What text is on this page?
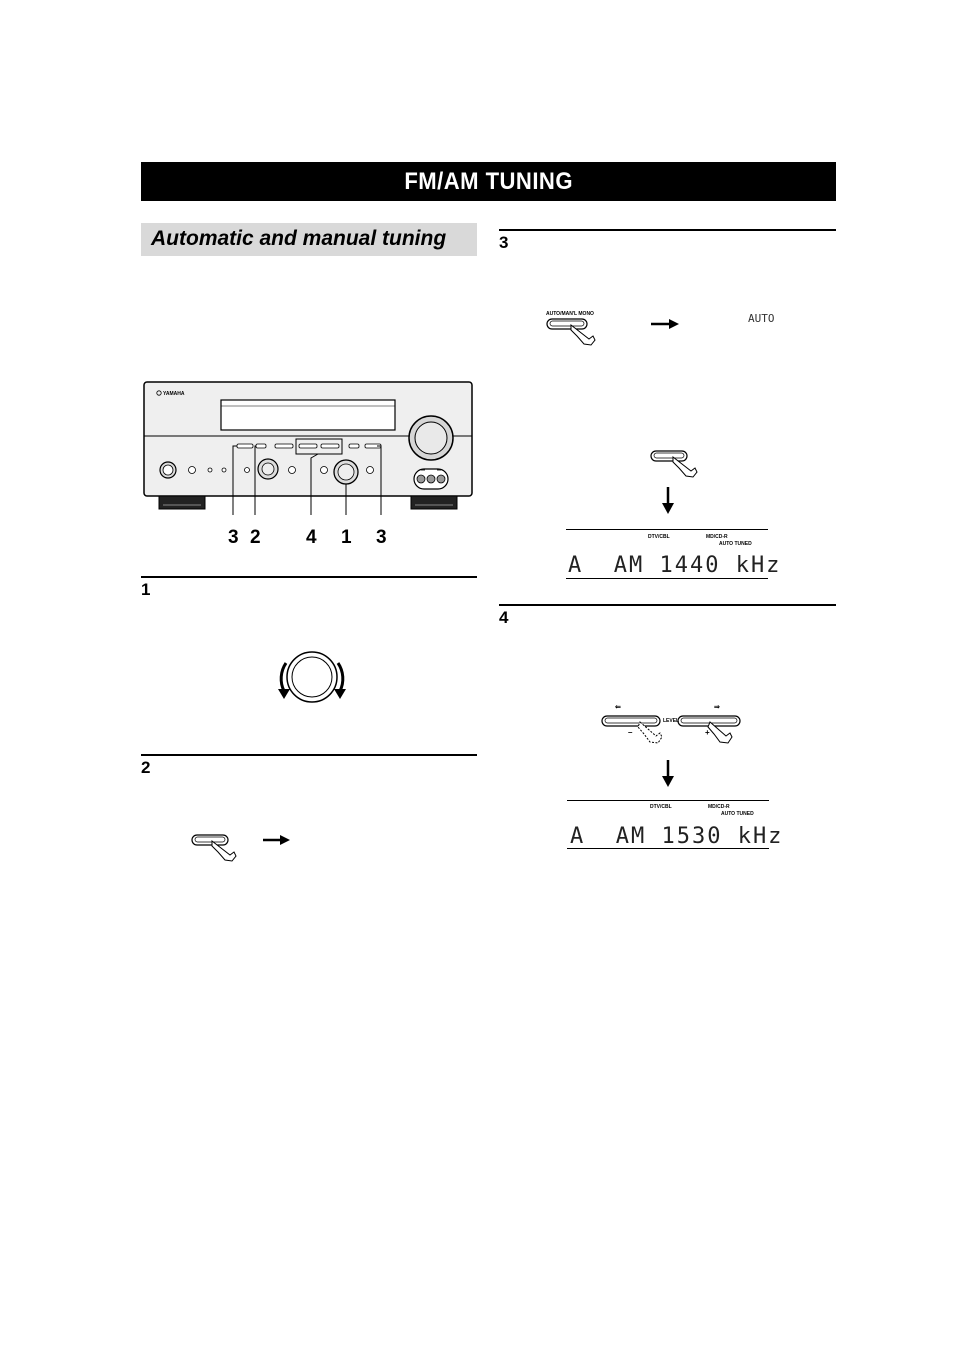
FM/AM TUNING
Automatic and manual tuning
YAMAHA
3 2 4 1 3
1
2
3
AUTO/MAN'L MONO	AUTO
DTV/CBL	MD/CD-R
AUTO TUNED
A  AM 1440 kHz
4
⇐	⇒
LEVEL
–	+
DTV/CBL	MD/CD-R
AUTO TUNED
A  AM 1530 kHz
